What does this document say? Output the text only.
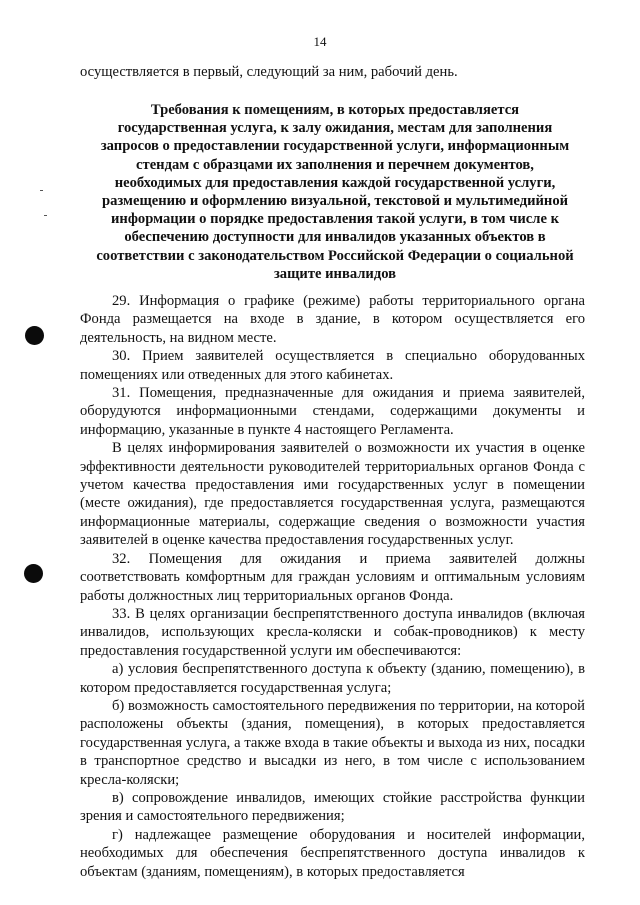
14
осуществляется в первый, следующий за ним, рабочий день.
Требования к помещениям, в которых предоставляется государственная услуга, к залу ожидания, местам для заполнения запросов о предоставлении государственной услуги, информационным стендам с образцами их заполнения и перечнем документов, необходимых для предоставления каждой государственной услуги, размещению и оформлению визуальной, текстовой и мультимедийной информации о порядке предоставления такой услуги, в том числе к обеспечению доступности для инвалидов указанных объектов в соответствии с законодательством Российской Федерации о социальной защите инвалидов

29. Информация о графике (режиме) работы территориального органа Фонда размещается на входе в здание, в котором осуществляется его деятельность, на видном месте.

30. Прием заявителей осуществляется в специально оборудованных помещениях или отведенных для этого кабинетах.

31. Помещения, предназначенные для ожидания и приема заявителей, оборудуются информационными стендами, содержащими документы и информацию, указанные в пункте 4 настоящего Регламента.

В целях информирования заявителей о возможности их участия в оценке эффективности деятельности руководителей территориальных органов Фонда с учетом качества предоставления ими государственных услуг в помещении (месте ожидания), где предоставляется государственная услуга, размещаются информационные материалы, содержащие сведения о возможности участия заявителей в оценке качества предоставления государственных услуг.

32. Помещения для ожидания и приема заявителей должны соответствовать комфортным для граждан условиям и оптимальным условиям работы должностных лиц территориальных органов Фонда.

33. В целях организации беспрепятственного доступа инвалидов (включая инвалидов, использующих кресла-коляски и собак-проводников) к месту предоставления государственной услуги им обеспечиваются:

а) условия беспрепятственного доступа к объекту (зданию, помещению), в котором предоставляется государственная услуга;

б) возможность самостоятельного передвижения по территории, на которой расположены объекты (здания, помещения), в которых предоставляется государственная услуга, а также входа в такие объекты и выхода из них, посадки в транспортное средство и высадки из него, в том числе с использованием кресла-коляски;

в) сопровождение инвалидов, имеющих стойкие расстройства функции зрения и самостоятельного передвижения;

г) надлежащее размещение оборудования и носителей информации, необходимых для обеспечения беспрепятственного доступа инвалидов к объектам (зданиям, помещениям), в которых предоставляется
